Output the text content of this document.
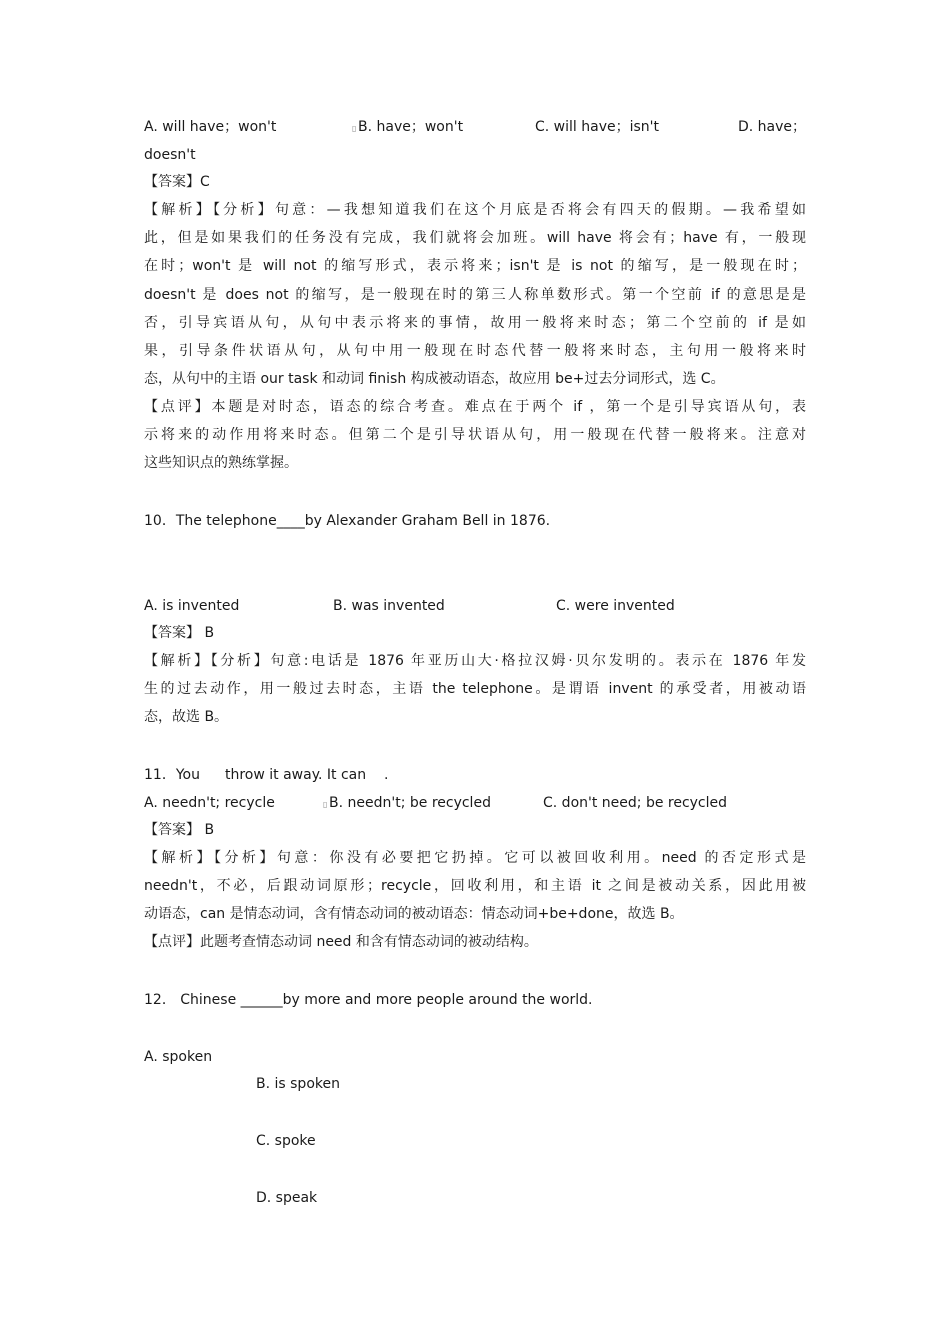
A. will have；won't	▯ B. have；won't	C. will have；isn't	D. have；
doesn't
【答案】C
【解析】【分析】句意：—我想知道我们在这个月底是否将会有四天的假期。—我希望如
此，但是如果我们的任务没有完成，我们就将会加班。will have 将会有；have 有，一般现
在时；won't 是 will not 的缩写形式，表示将来；isn't 是 is not 的缩写，是一般现在时；
doesn't 是 does not 的缩写，是一般现在时的第三人称单数形式。第一个空前 if 的意思是是
否，引导宾语从句，从句中表示将来的事情，故用一般将来时态；第二个空前的 if 是如
果，引导条件状语从句，从句中用一般现在时态代替一般将来时态，主句用一般将来时
态，从句中的主语 our task 和动词 finish 构成被动语态，故应用 be+过去分词形式，选 C。
【点评】本题是对时态，语态的综合考查。难点在于两个 if ，第一个是引导宾语从句，表
示将来的动作用将来时态。但第二个是引导状语从句，用一般现在代替一般将来。注意对
这些知识点的熟练掌握。
10．The telephone____by Alexander Graham Bell in 1876.
A. is invented	B. was invented	C. were invented
【答案】 B
【解析】【分析】句意:电话是 1876 年亚历山大·格拉汉姆·贝尔发明的。表示在 1876 年发
生的过去动作，用一般过去时态，主语 the telephone。是谓语 invent 的承受者，用被动语
态，故选 B。
11．You throw it away. It can .
A. needn't; recycle	▯ B. needn't; be recycled	C. don't need; be recycled
【答案】 B
【解析】【分析】句意：你没有必要把它扔掉。它可以被回收利用。need 的否定形式是
needn't，不必，后跟动词原形；recycle，回收利用，和主语 it 之间是被动关系，因此用被
动语态，can 是情态动词，含有情态动词的被动语态：情态动词+be+done，故选 B。
【点评】此题考查情态动词 need 和含有情态动词的被动结构。
12． Chinese ______by more and more people around the world.
A. spoken
B. is spoken
C. spoke
D. speak
